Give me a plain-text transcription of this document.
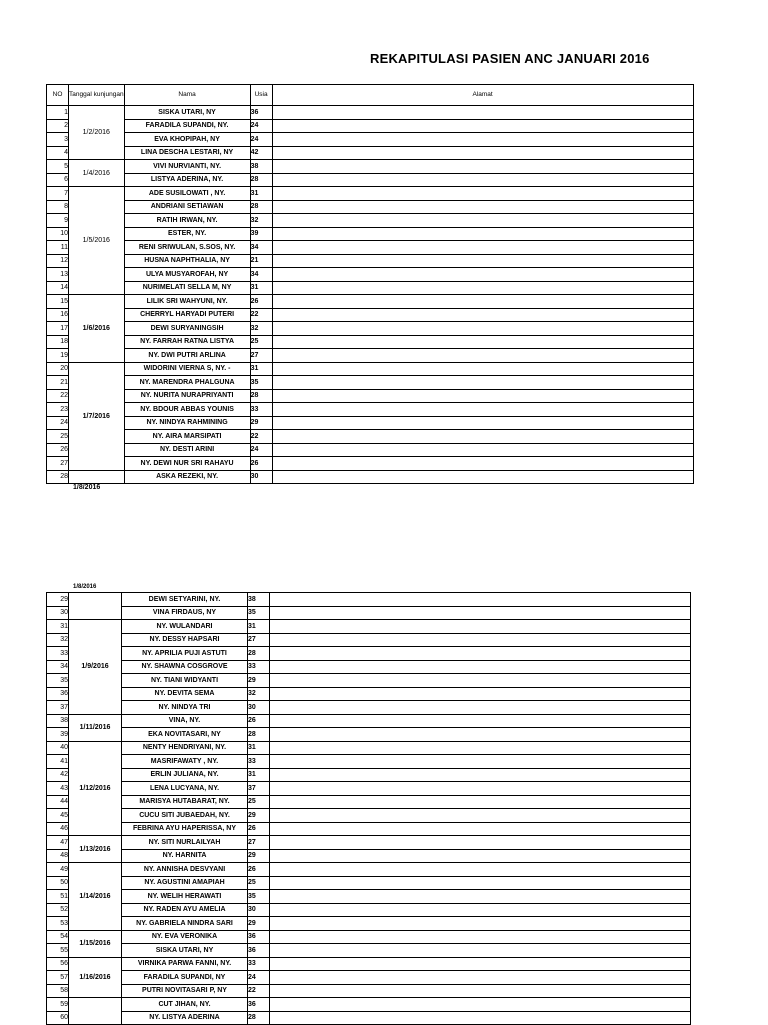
REKAPITULASI PASIEN ANC JANUARI 2016
NO	Tanggal kunjungan	Nama	Usia	Alamat
1	1/2/2016	SISKA UTARI, NY	36	
2		FARADILA SUPANDI, NY.	24	
3		EVA KHOPIPAH, NY	24	
4		LINA DESCHA LESTARI, NY	42	
5	1/4/2016	VIVI NURVIANTI, NY.	38	
6		LISTYA ADERINA, NY.	28	
7	1/5/2016	ADE SUSILOWATI , NY.	31	
8		ANDRIANI SETIAWAN	28	
9		RATIH IRWAN, NY.	32	
10		ESTER, NY.	39	
11		RENI SRIWULAN, S.SOS, NY.	34	
12		HUSNA NAPHTHALIA, NY	21	
13		ULYA MUSYAROFAH, NY	34	
14		NURIMELATI SELLA M, NY	31	
15	1/6/2016	LILIK SRI WAHYUNI, NY.	26	
16		CHERRYL HARYADI PUTERI	22	
17		DEWI SURYANINGSIH	32	
18		NY. FARRAH RATNA LISTYA	25	
19		NY. DWI PUTRI ARLINA	27	
20	1/7/2016	WIDORINI VIERNA S, NY. -	31	
21		NY. MARENDRA PHALGUNA	35	
22		NY. NURITA NURAPRIYANTI	28	
23		NY. BDOUR ABBAS YOUNIS	33	
24		NY. NINDYA RAHMINING	29	
25		NY. AIRA MARSIPATI	22	
26		NY. DESTI ARINI	24	
27		NY. DEWI NUR SRI RAHAYU	26	
28		ASKA REZEKI, NY.	30	
1/8/2016
29		DEWI SETYARINI, NY.	38	
30		VINA FIRDAUS, NY	35	
31	1/9/2016	NY. WULANDARI	31	
32		NY. DESSY HAPSARI	27	
33		NY. APRILIA PUJI ASTUTI	28	
34		NY. SHAWNA COSGROVE	33	
35		NY. TIANI WIDYANTI	29	
36		NY. DEVITA SEMA	32	
37		NY. NINDYA TRI	30	
38	1/11/2016	VINA, NY.	26	
39		EKA NOVITASARI, NY	28	
40	1/12/2016	NENTY HENDRIYANI, NY.	31	
41		MASRIFAWATY , NY.	33	
42		ERLIN JULIANA, NY.	31	
43		LENA LUCYANA, NY.	37	
44		MARISYA HUTABARAT, NY.	25	
45		CUCU SITI JUBAEDAH, NY.	29	
46		FEBRINA AYU HAPERISSA, NY	26	
47	1/13/2016	NY. SITI NURLAILYAH	27	
48		NY. HARNITA	29	
49	1/14/2016	NY. ANNISHA DESVYANI	26	
50		NY. AGUSTINI AMAPIAH	25	
51		NY. WELIH HERAWATI	35	
52		NY. RADEN AYU AMELIA	30	
53		NY. GABRIELA NINDRA SARI	29	
54	1/15/2016	NY. EVA VERONIKA	36	
55		SISKA UTARI, NY	36	
56	1/16/2016	VIRNIKA PARWA FANNI, NY.	33	
57		FARADILA SUPANDI, NY	24	
58		PUTRI NOVITASARI P, NY	22	
59		CUT JIHAN, NY.	36	
60		NY. LISTYA ADERINA	28	
1/8/2016
